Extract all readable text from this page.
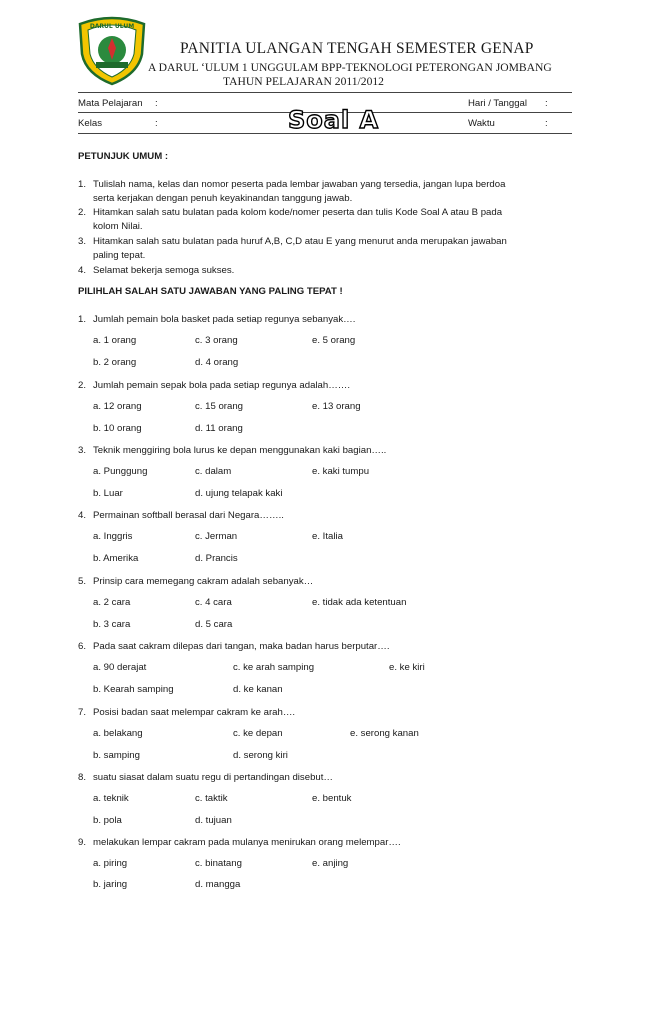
DARUL ULUM
PANITIA ULANGAN TENGAH SEMESTER GENAP
A DARUL ‘ULUM 1 UNGGULAM BPP-TEKNOLOGI PETERONGAN JOMBANG
TAHUN PELAJARAN 2011/2012
Mata Pelajaran :	Hari / Tanggal :
Kelas	:	Soal A	Waktu	:
PETUNJUK UMUM :
1. Tulislah nama, kelas dan nomor peserta pada lembar jawaban yang tersedia, jangan lupa berdoa
serta kerjakan dengan penuh keyakinandan tanggung jawab.
2. Hitamkan salah satu bulatan pada kolom kode/nomer peserta dan tulis Kode Soal A atau B pada
kolom Nilai.
3. Hitamkan salah satu bulatan pada huruf A,B, C,D atau E yang menurut anda merupakan jawaban
paling tepat.
4. Selamat bekerja semoga sukses.
PILIHLAH SALAH SATU JAWABAN YANG PALING TEPAT !
1. Jumlah pemain bola basket pada setiap regunya sebanyak….
a. 1 orang	c. 3 orang	e. 5 orang
b. 2 orang	d. 4 orang
2. Jumlah pemain sepak bola pada setiap regunya adalah…….
a. 12 orang	c. 15 orang	e. 13 orang
b. 10 orang	d. 11 orang
3. Teknik menggiring bola lurus ke depan menggunakan kaki bagian…..
a. Punggung	c. dalam	e. kaki tumpu
b. Luar	d. ujung telapak kaki
4. Permainan softball berasal dari Negara……..
a. Inggris	c. Jerman	e. Italia
b. Amerika	d. Prancis
5. Prinsip cara memegang cakram adalah sebanyak…
a. 2 cara	c. 4 cara	e. tidak ada ketentuan
b. 3 cara	d. 5 cara
6. Pada saat cakram dilepas dari tangan, maka badan harus berputar….
a. 90 derajat	c. ke arah samping	e. ke kiri
b. Kearah samping	d. ke kanan
7. Posisi badan saat melempar cakram ke arah….
a. belakang	c. ke depan	e. serong kanan
b. samping	d. serong kiri
8. suatu siasat dalam suatu regu di pertandingan disebut…
a. teknik	c. taktik	e. bentuk
b. pola	d. tujuan
9. melakukan lempar cakram pada mulanya menirukan orang melempar….
a. piring	c. binatang	e. anjing
b. jaring	d. mangga
